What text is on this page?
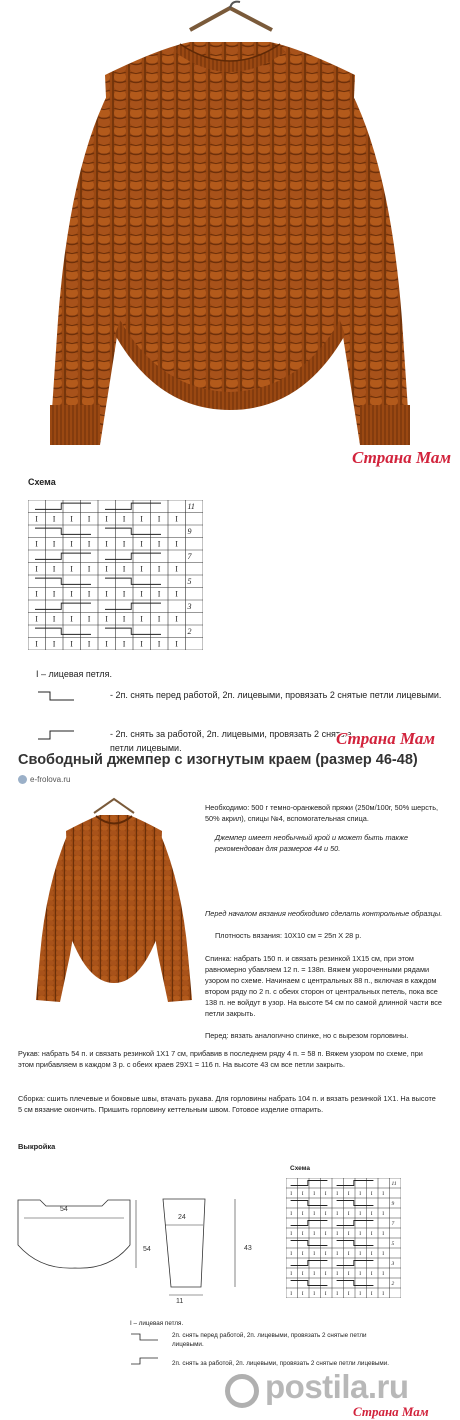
Страна Мам
Схема
11
I I I I I I I I I
9
I I I I I I I I I
7
I I I I I I I I I
5
I I I I I I I I I
3
I I I I I I I I I
2
I I I I I I I I I
I – лицевая петля.
- 2п. снять перед работой, 2п. лицевыми, провязать 2 снятые петли лицевыми.
- 2п. снять за работой, 2п. лицевыми, провязать 2 снятые петли лицевыми.	Страна Мам
Свободный джемпер с изогнутым краем (размер 46-48)
e-frolova.ru
Необходимо: 500 г темно-оранжевой пряжи (250м/100г, 50% шерсть, 50% акрил), спицы №4, вспомогательная спица.
Джемпер имеет необычный крой и может быть также рекомендован для размеров 44 и 50.
Перед началом вязания необходимо сделать контрольные образцы.
Плотность вязания: 10Х10 см = 25п Х 28 р.
Спинка: набрать 150 п. и связать резинкой 1Х15 см, при этом равномерно убавляем 12 п. = 138п. Вяжем укороченными рядами узором по схеме. Начинаем с центральных 88 п., включая в каждом втором ряду по 2 п. с обеих сторон от центральных петель, пока все 138 п. не войдут в узор. На высоте 54 см по самой длинной части все петли закрыть.
Перед: вязать аналогично спинке, но с вырезом горловины.
Рукав: набрать 54 п. и связать резинкой 1Х1 7 см, прибавив в последнем ряду 4 п. = 58 п. Вяжем узором по схеме, при этом прибавляем в каждом 3 р. с обеих краев 29Х1 = 116 п. На высоте 43 см все петли закрыть.
Сборка: сшить плечевые и боковые швы, втачать рукава. Для горловины набрать 104 п. и вязать резинкой 1Х1. На высоте 5 см вязание окончить. Пришить горловину кеттельным швом. Готовое изделие отпарить.
Выкройка
54
54
24
43
11
Схема
11
I I I I I I I I I
9
I I I I I I I I I
7
I I I I I I I I I
5
I I I I I I I I I
3
I I I I I I I I I
2
I I I I I I I I I
I – лицевая петля.
2п. снять перед работой, 2п. лицевыми, провязать 2 снятые петли лицевыми.
2п. снять за работой, 2п. лицевыми, провязать 2 снятые петли лицевыми.
postila.ru
Страна Мам
